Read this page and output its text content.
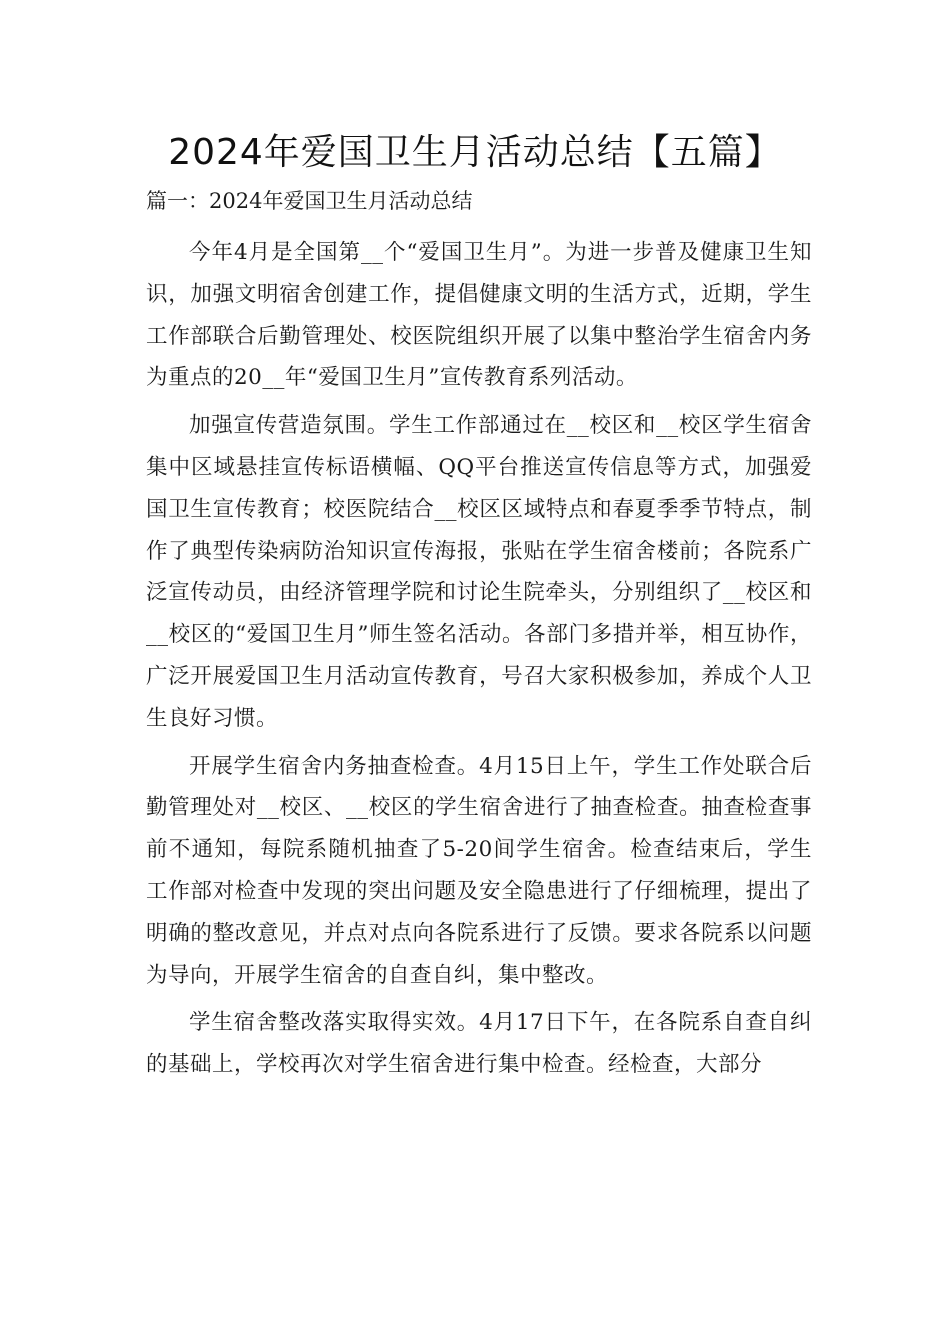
2024年爱国卫生月活动总结【五篇】

篇一：2024年爱国卫生月活动总结

今年4月是全国第__个“爱国卫生月”。为进一步普及健康卫生知识，加强文明宿舍创建工作，提倡健康文明的生活方式，近期，学生工作部联合后勤管理处、校医院组织开展了以集中整治学生宿舍内务为重点的20__年“爱国卫生月”宣传教育系列活动。

加强宣传营造氛围。学生工作部通过在__校区和__校区学生宿舍集中区域悬挂宣传标语横幅、QQ平台推送宣传信息等方式，加强爱国卫生宣传教育；校医院结合__校区区域特点和春夏季季节特点，制作了典型传染病防治知识宣传海报，张贴在学生宿舍楼前；各院系广泛宣传动员，由经济管理学院和讨论生院牵头，分别组织了__校区和__校区的“爱国卫生月”师生签名活动。各部门多措并举，相互协作，广泛开展爱国卫生月活动宣传教育，号召大家积极参加，养成个人卫生良好习惯。

开展学生宿舍内务抽查检查。4月15日上午，学生工作处联合后勤管理处对__校区、__校区的学生宿舍进行了抽查检查。抽查检查事前不通知，每院系随机抽查了5-20间学生宿舍。检查结束后，学生工作部对检查中发现的突出问题及安全隐患进行了仔细梳理，提出了明确的整改意见，并点对点向各院系进行了反馈。要求各院系以问题为导向，开展学生宿舍的自查自纠，集中整改。

学生宿舍整改落实取得实效。4月17日下午，在各院系自查自纠的基础上，学校再次对学生宿舍进行集中检查。经检查，大部分
